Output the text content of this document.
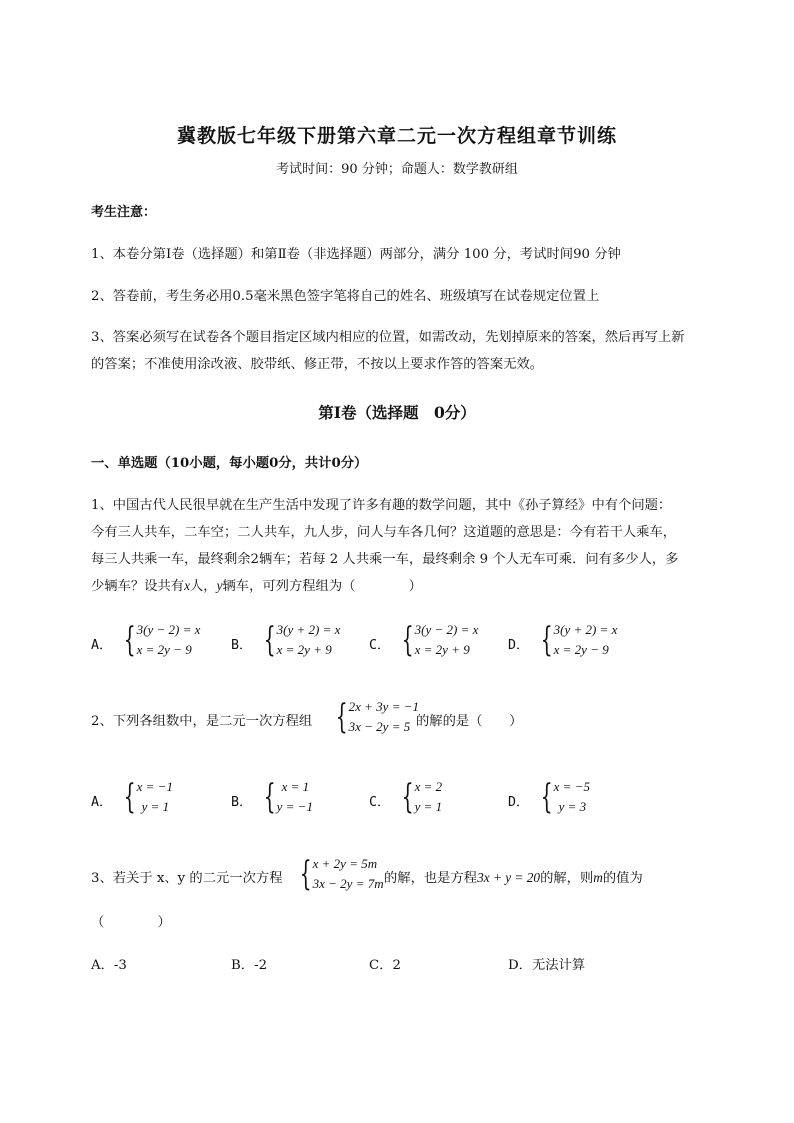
冀教版七年级下册第六章二元一次方程组章节训练
考试时间：90 分钟；命题人：数学教研组
考生注意：
1、本卷分第Ⅰ卷（选择题）和第Ⅱ卷（非选择题）两部分，满分 100 分，考试时间90 分钟
2、答卷前，考生务必用0.5毫米黑色签字笔将自己的姓名、班级填写在试卷规定位置上
3、答案必须写在试卷各个题目指定区域内相应的位置，如需改动，先划掉原来的答案，然后再写上新
的答案；不准使用涂改液、胶带纸、修正带，不按以上要求作答的答案无效。
第Ⅰ卷（选择题　0分）
一、单选题（10小题，每小题0分，共计0分）
1、中国古代人民很早就在生产生活中发现了许多有趣的数学问题，其中《孙子算经》中有个问题：
今有三人共车，二车空；二人共车，九人步，问人与车各几何？这道题的意思是：今有若干人乘车，
每三人共乘一车，最终剩余2辆车；若每 2 人共乘一车，最终剩余 9 个人无车可乘．问有多少人，多
少辆车？设共有x人，y辆车，可列方程组为（　　　　）
A． { 3(y − 2) = x
x = 2y − 9	B． { 3(y + 2) = x
x = 2y + 9	C． { 3(y − 2) = x
x = 2y + 9	D． { 3(y + 2) = x
x = 2y − 9
2、下列各组数中，是二元一次方程组 { 2x + 3y = −1
3x − 2y = 5 的解的是（　　）
A． { x = −1
y = 1	B． { x = 1
y = −1	C． { x = 2
y = 1	D． { x = −5
y = 3
3、若关于 x、y 的二元一次方程 { x + 2y = 5m
3x − 2y = 7m 的解，也是方程3x + y = 20的解，则m的值为
（　　　　）
A．-3	B．-2	C．2	D．无法计算
